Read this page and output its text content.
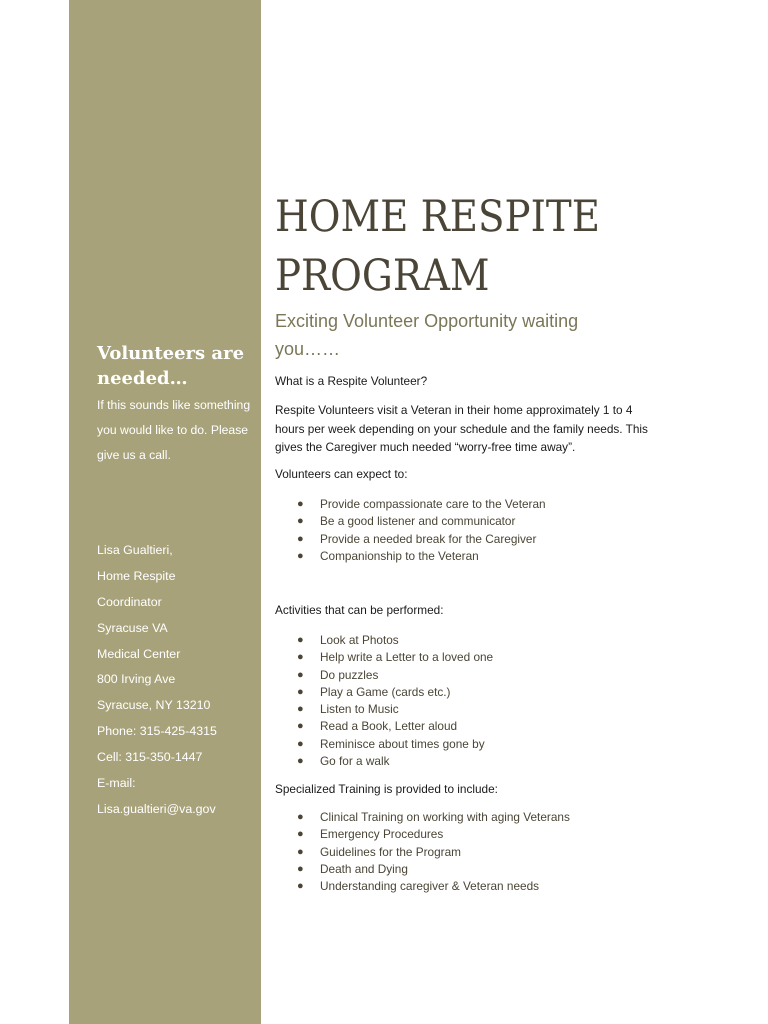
Volunteers are needed…

If this sounds like something you would like to do. Please give us a call.

Lisa Gualtieri,
Home Respite
Coordinator
Syracuse VA
Medical Center
800 Irving Ave
Syracuse, NY 13210
Phone: 315-425-4315
Cell: 315-350-1447
E-mail:
Lisa.gualtieri@va.gov
HOME RESPITE PROGRAM

Exciting Volunteer Opportunity waiting you……

What is a Respite Volunteer?

Respite Volunteers visit a Veteran in their home approximately 1 to 4 hours per week depending on your schedule and the family needs. This gives the Caregiver much needed “worry-free time away”.

Volunteers can expect to:

● Provide compassionate care to the Veteran
● Be a good listener and communicator
● Provide a needed break for the Caregiver
● Companionship to the Veteran

Activities that can be performed:

● Look at Photos
● Help write a Letter to a loved one
● Do puzzles
● Play a Game (cards etc.)
● Listen to Music
● Read a Book, Letter aloud
● Reminisce about times gone by
● Go for a walk

Specialized Training is provided to include:

● Clinical Training on working with aging Veterans
● Emergency Procedures
● Guidelines for the Program
● Death and Dying
● Understanding caregiver & Veteran needs
